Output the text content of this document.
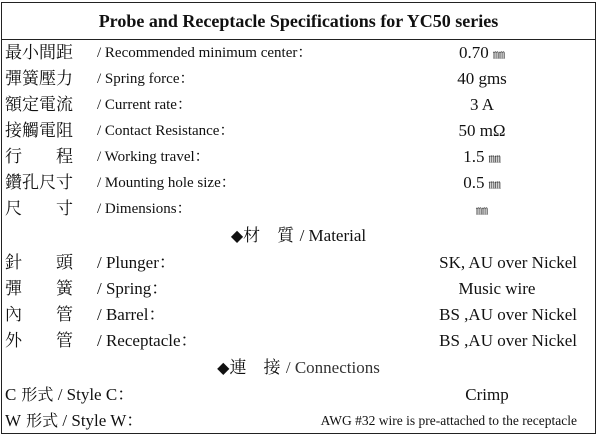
Probe and Receptacle Specifications for YC50 series
最小間距	/ Recommended minimum center：	0.70 ㎜
彈簧壓力	/ Spring force：	40 gms
額定電流	/ Current rate：	3 A
接觸電阻	/ Contact Resistance：	50 mΩ
行　　程	/ Working travel：	1.5 ㎜
鑽孔尺寸	/ Mounting hole size：	0.5 ㎜
尺　　寸	/ Dimensions：	㎜
◆材　質 / Material
針　　頭	/ Plunger：	SK, AU over Nickel
彈　　簧	/ Spring：	Music wire
內　　管	/ Barrel：	BS ,AU over Nickel
外　　管	/ Receptacle：	BS ,AU over Nickel
◆連　接 / Connections
C 形式 / Style C：	Crimp
W 形式 / Style W：	AWG #32 wire is pre-attached to the receptacle
